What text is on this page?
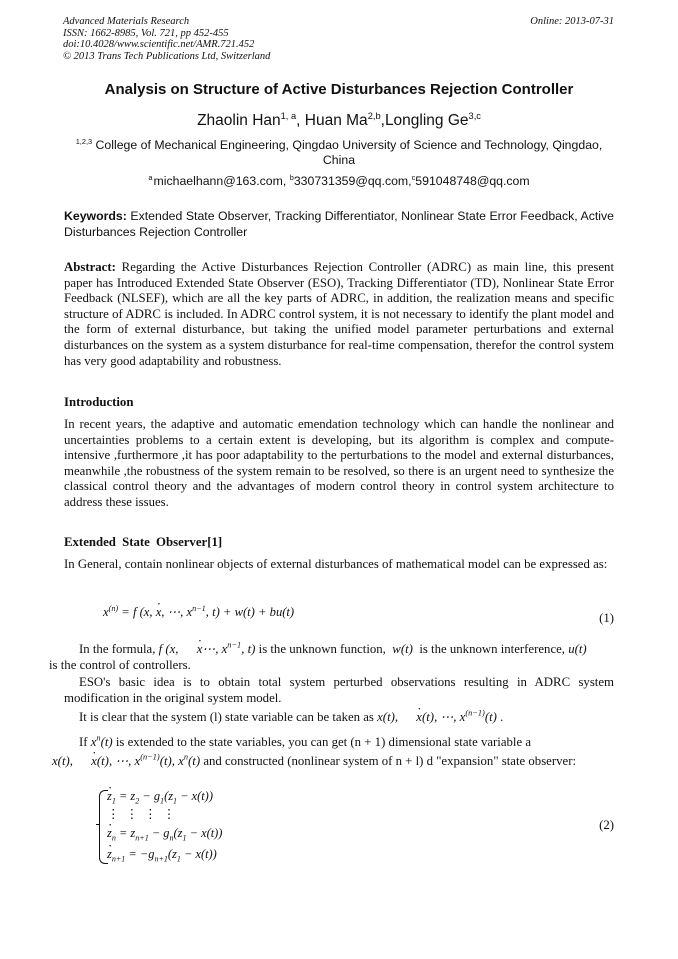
Advanced Materials Research
ISSN: 1662-8985, Vol. 721, pp 452-455
doi:10.4028/www.scientific.net/AMR.721.452
© 2013 Trans Tech Publications Ltd, Switzerland
Online: 2013-07-31
Analysis on Structure of Active Disturbances Rejection Controller
Zhaolin Han$^{1, a}$, Huan Ma$^{2,b}$,Longling Ge$^{3,c}$
$^{1,2,3}$ College of Mechanical Engineering, Qingdao University of Science and Technology, Qingdao, China
$^a$ michaelhann@163.com, $^b$330731359@qq.com,$^c$591048748@qq.com
Keywords: Extended State Observer, Tracking Differentiator, Nonlinear State Error Feedback, Active Disturbances Rejection Controller
Abstract: Regarding the Active Disturbances Rejection Controller (ADRC) as main line, this present paper has Introduced Extended State Observer (ESO), Tracking Differentiator (TD), Nonlinear State Error Feedback (NLSEF), which are all the key parts of ADRC, in addition, the realization means and specific structure of ADRC is included. In ADRC control system, it is not necessary to identify the plant model and the form of external disturbance, but taking the unified model parameter perturbations and external disturbances on the system as a system disturbance for real-time compensation, therefor the control system has very good adaptability and robustness.
Introduction
In recent years, the adaptive and automatic emendation technology which can handle the nonlinear and uncertainties problems to a certain extent is developing, but its algorithm is complex and compute-intensive ,furthermore ,it has poor adaptability to the perturbations to the model and external disturbances, meanwhile ,the robustness of the system remain to be resolved, so there is an urgent need to synthesize the classical control theory and the advantages of modern control theory in control system architecture to address these issues.
Extended State Observer[1]
In General, contain nonlinear objects of external disturbances of mathematical model can be expressed as:
$x^{(n)} = f$ (x, · x, ⋯, $x^{n-1}$, t) + w(t) + bu(t)	(1)
In the formula, f (x, · x⋯, $x^{n-1}$, t) is the unknown function,  w(t)  is the unknown interference, u(t)
is the control of controllers.
ESO's basic idea is to obtain total system perturbed observations resulting in ADRC system modification in the original system model.
It is clear that the system (l) state variable can be taken as x(t), · x(t), ⋯, $x^{(n-1)}(t)$ .
If $x^n(t)$ is extended to the state variables, you can get (n + 1) dimensional state variable a
x(t), · x(t), ⋯, $x^{(n-1)}(t)$, $x^n(t)$ and constructed (nonlinear system of n + l) d "expansion" state observer:
· $z_1 = z_2 - g_1(z_1 - x(t))$
⋮  ⋮  ⋮  ⋮
· $z_n = z_{n+1} - g_n(z_1 - x(t))$
· $z_{n+1} = -g_{n+1}(z_1 - x(t))$
(2)
